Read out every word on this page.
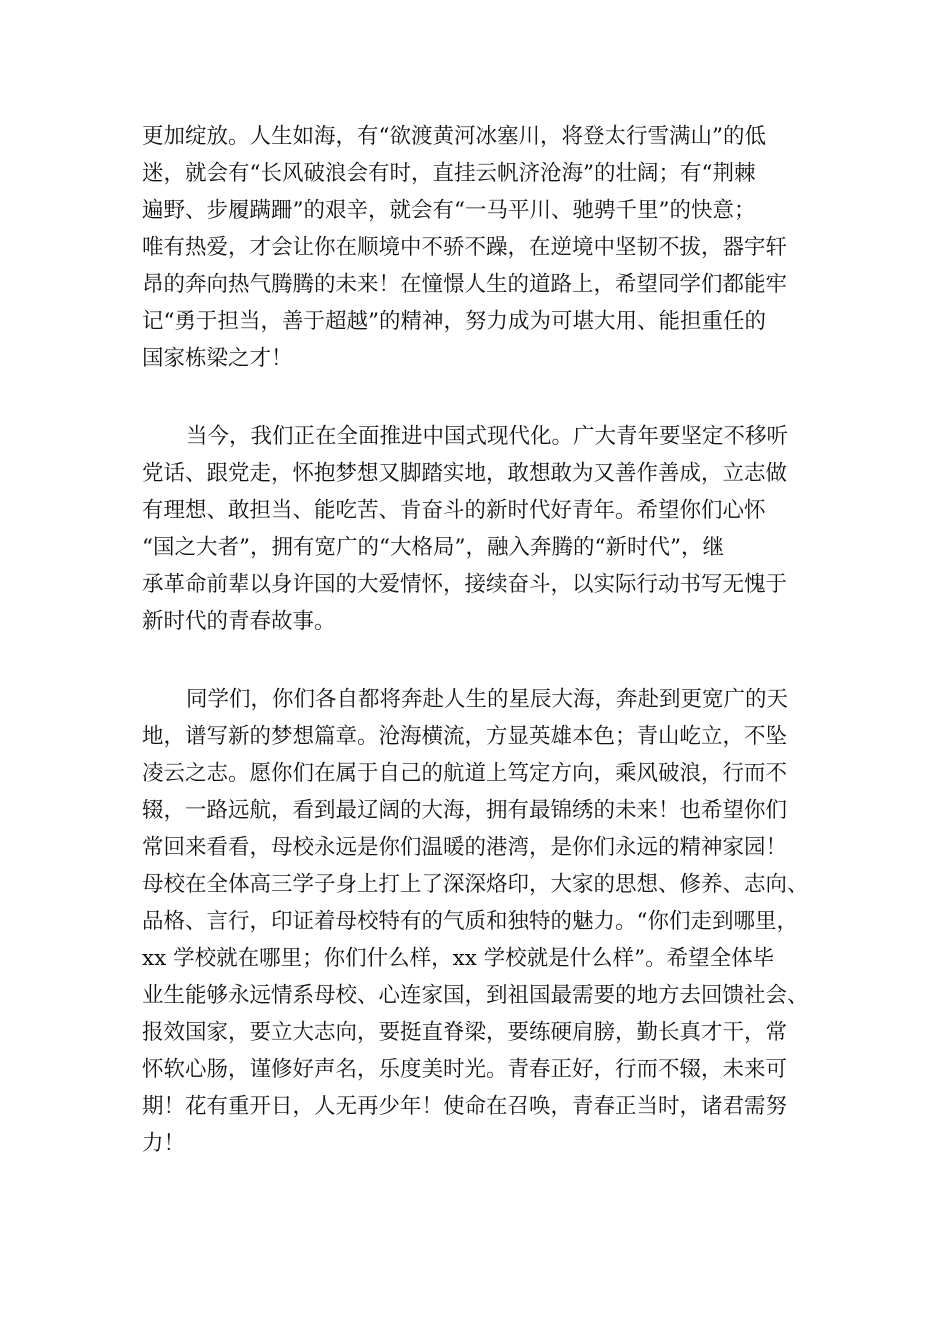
更加绽放。人生如海，有“欲渡黄河冰塞川，将登太行雪满山”的低
迷，就会有“长风破浪会有时，直挂云帆济沧海”的壮阔；有“荆棘
遍野、步履蹒跚”的艰辛，就会有“一马平川、驰骋千里”的快意；
唯有热爱，才会让你在顺境中不骄不躁，在逆境中坚韧不拔，器宇轩
昂的奔向热气腾腾的未来！在憧憬人生的道路上，希望同学们都能牢
记“勇于担当，善于超越”的精神，努力成为可堪大用、能担重任的
国家栋梁之才！
当今，我们正在全面推进中国式现代化。广大青年要坚定不移听
党话、跟党走，怀抱梦想又脚踏实地，敢想敢为又善作善成，立志做
有理想、敢担当、能吃苦、肯奋斗的新时代好青年。希望你们心怀
“国之大者”，拥有宽广的“大格局”，融入奔腾的“新时代”，继
承革命前辈以身许国的大爱情怀，接续奋斗，以实际行动书写无愧于
新时代的青春故事。
同学们，你们各自都将奔赴人生的星辰大海，奔赴到更宽广的天
地，谱写新的梦想篇章。沧海横流，方显英雄本色；青山屹立，不坠
凌云之志。愿你们在属于自己的航道上笃定方向，乘风破浪，行而不
辍，一路远航，看到最辽阔的大海，拥有最锦绣的未来！也希望你们
常回来看看，母校永远是你们温暖的港湾，是你们永远的精神家园！
母校在全体高三学子身上打上了深深烙印，大家的思想、修养、志向、
品格、言行，印证着母校特有的气质和独特的魅力。“你们走到哪里，
xx 学校就在哪里；你们什么样，xx 学校就是什么样”。希望全体毕
业生能够永远情系母校、心连家国，到祖国最需要的地方去回馈社会、
报效国家，要立大志向，要挺直脊梁，要练硬肩膀，勤长真才干，常
怀软心肠，谨修好声名，乐度美时光。青春正好，行而不辍，未来可
期！花有重开日，人无再少年！使命在召唤，青春正当时，诸君需努
力！
